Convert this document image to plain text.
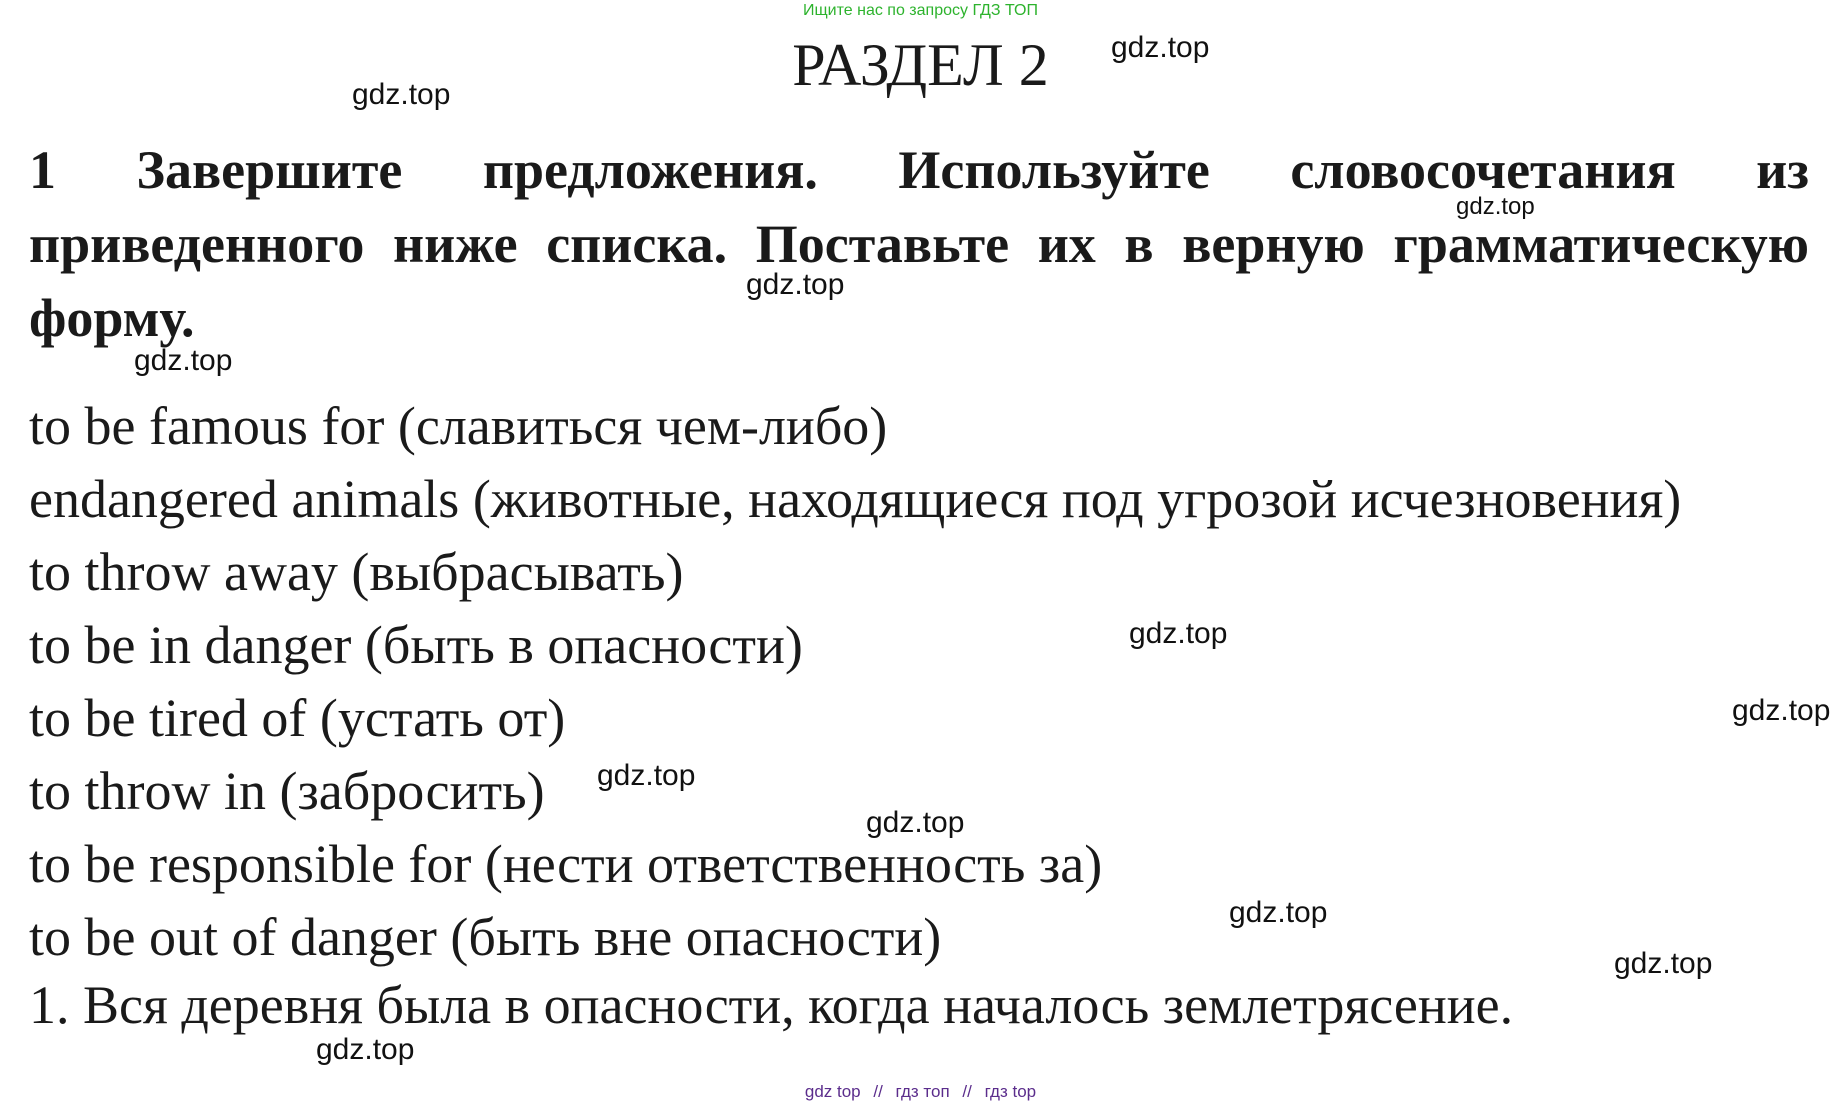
Ищите нас по запросу ГДЗ ТОП
РАЗДЕЛ 2
1 Завершите предложения. Используйте словосочетания из приведенного ниже списка. Поставьте их в верную грамматическую форму.
to be famous for (славиться чем-либо)
endangered animals (животные, находящиеся под угрозой исчезновения)
to throw away (выбрасывать)
to be in danger (быть в опасности)
to be tired of (устать от)
to throw in (забросить)
to be responsible for (нести ответственность за)
to be out of danger (быть вне опасности)
1. Вся деревня была в опасности, когда началось землетрясение.
gdz.top
gdz.top
gdz.top
gdz.top
gdz.top
gdz.top
gdz.top
gdz.top
gdz.top
gdz.top
gdz.top
gdz.top
gdz top // гдз топ // гдз top
